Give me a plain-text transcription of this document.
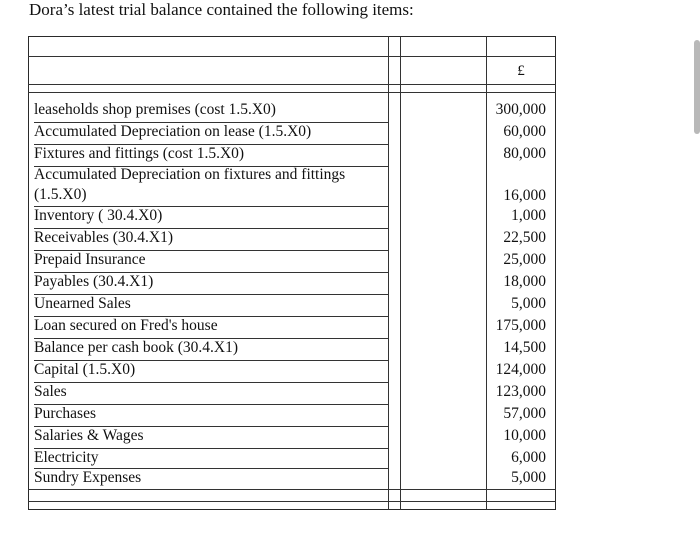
Dora’s latest trial balance contained the following items:
£
leaseholds shop premises (cost 1.5.X0)	300,000
Accumulated Depreciation on lease (1.5.X0)	60,000
Fixtures and fittings (cost 1.5.X0)	80,000
Accumulated Depreciation on fixtures and fittings (1.5.X0)	16,000
Inventory ( 30.4.X0)	1,000
Receivables (30.4.X1)	22,500
Prepaid Insurance	25,000
Payables (30.4.X1)	18,000
Unearned Sales	5,000
Loan secured on Fred's house	175,000
Balance per cash book (30.4.X1)	14,500
Capital (1.5.X0)	124,000
Sales	123,000
Purchases	57,000
Salaries & Wages	10,000
Electricity	6,000
Sundry Expenses	5,000
